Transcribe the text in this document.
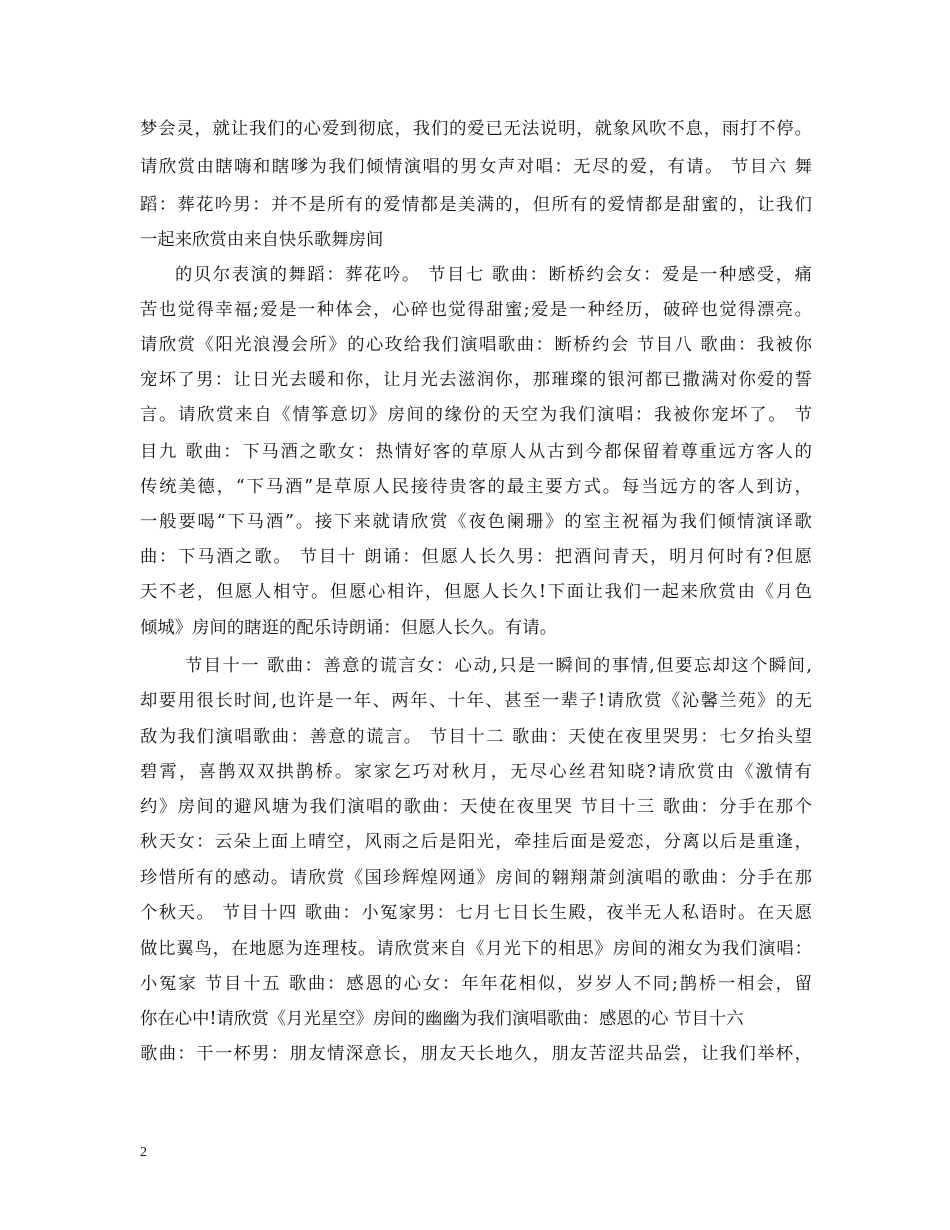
梦会灵，就让我们的心爱到彻底，我们的爱已无法说明，就象风吹不息，雨打不停。
请欣赏由瞎嗨和瞎嗲为我们倾情演唱的男女声对唱：无尽的爱，有请。 节目六 舞
蹈：葬花吟男：并不是所有的爱情都是美满的，但所有的爱情都是甜蜜的，让我们
一起来欣赏由来自快乐歌舞房间
的贝尔表演的舞蹈：葬花吟。 节目七 歌曲：断桥约会女：爱是一种感受，痛
苦也觉得幸福;爱是一种体会，心碎也觉得甜蜜;爱是一种经历，破碎也觉得漂亮。
请欣赏《阳光浪漫会所》的心玫给我们演唱歌曲：断桥约会 节目八 歌曲：我被你
宠坏了男：让日光去暖和你，让月光去滋润你，那璀璨的银河都已撒满对你爱的誓
言。请欣赏来自《情筝意切》房间的缘份的天空为我们演唱：我被你宠坏了。 节
目九 歌曲：下马酒之歌女：热情好客的草原人从古到今都保留着尊重远方客人的
传统美德，“下马酒”是草原人民接待贵客的最主要方式。每当远方的客人到访，
一般要喝“下马酒”。接下来就请欣赏《夜色阑珊》的室主祝福为我们倾情演译歌
曲：下马酒之歌。 节目十 朗诵：但愿人长久男：把酒问青天，明月何时有?但愿
天不老，但愿人相守。但愿心相许，但愿人长久!下面让我们一起来欣赏由《月色
倾城》房间的瞎逛的配乐诗朗诵：但愿人长久。有请。
节目十一 歌曲：善意的谎言女：心动,只是一瞬间的事情,但要忘却这个瞬间,
却要用很长时间,也许是一年、两年、十年、甚至一辈子!请欣赏《沁馨兰苑》的无
敌为我们演唱歌曲：善意的谎言。 节目十二 歌曲：天使在夜里哭男：七夕抬头望
碧霄，喜鹊双双拱鹊桥。家家乞巧对秋月，无尽心丝君知晓?请欣赏由《激情有
约》房间的避风塘为我们演唱的歌曲：天使在夜里哭 节目十三 歌曲：分手在那个
秋天女：云朵上面上晴空，风雨之后是阳光，牵挂后面是爱恋，分离以后是重逢，
珍惜所有的感动。请欣赏《国珍辉煌网通》房间的翱翔萧剑演唱的歌曲：分手在那
个秋天。 节目十四 歌曲：小冤家男：七月七日长生殿，夜半无人私语时。在天愿
做比翼鸟，在地愿为连理枝。请欣赏来自《月光下的相思》房间的湘女为我们演唱：
小冤家 节目十五 歌曲：感恩的心女：年年花相似，岁岁人不同;鹊桥一相会，留
你在心中!请欣赏《月光星空》房间的幽幽为我们演唱歌曲：感恩的心 节目十六
歌曲：干一杯男：朋友情深意长，朋友天长地久，朋友苦涩共品尝，让我们举杯，
2
